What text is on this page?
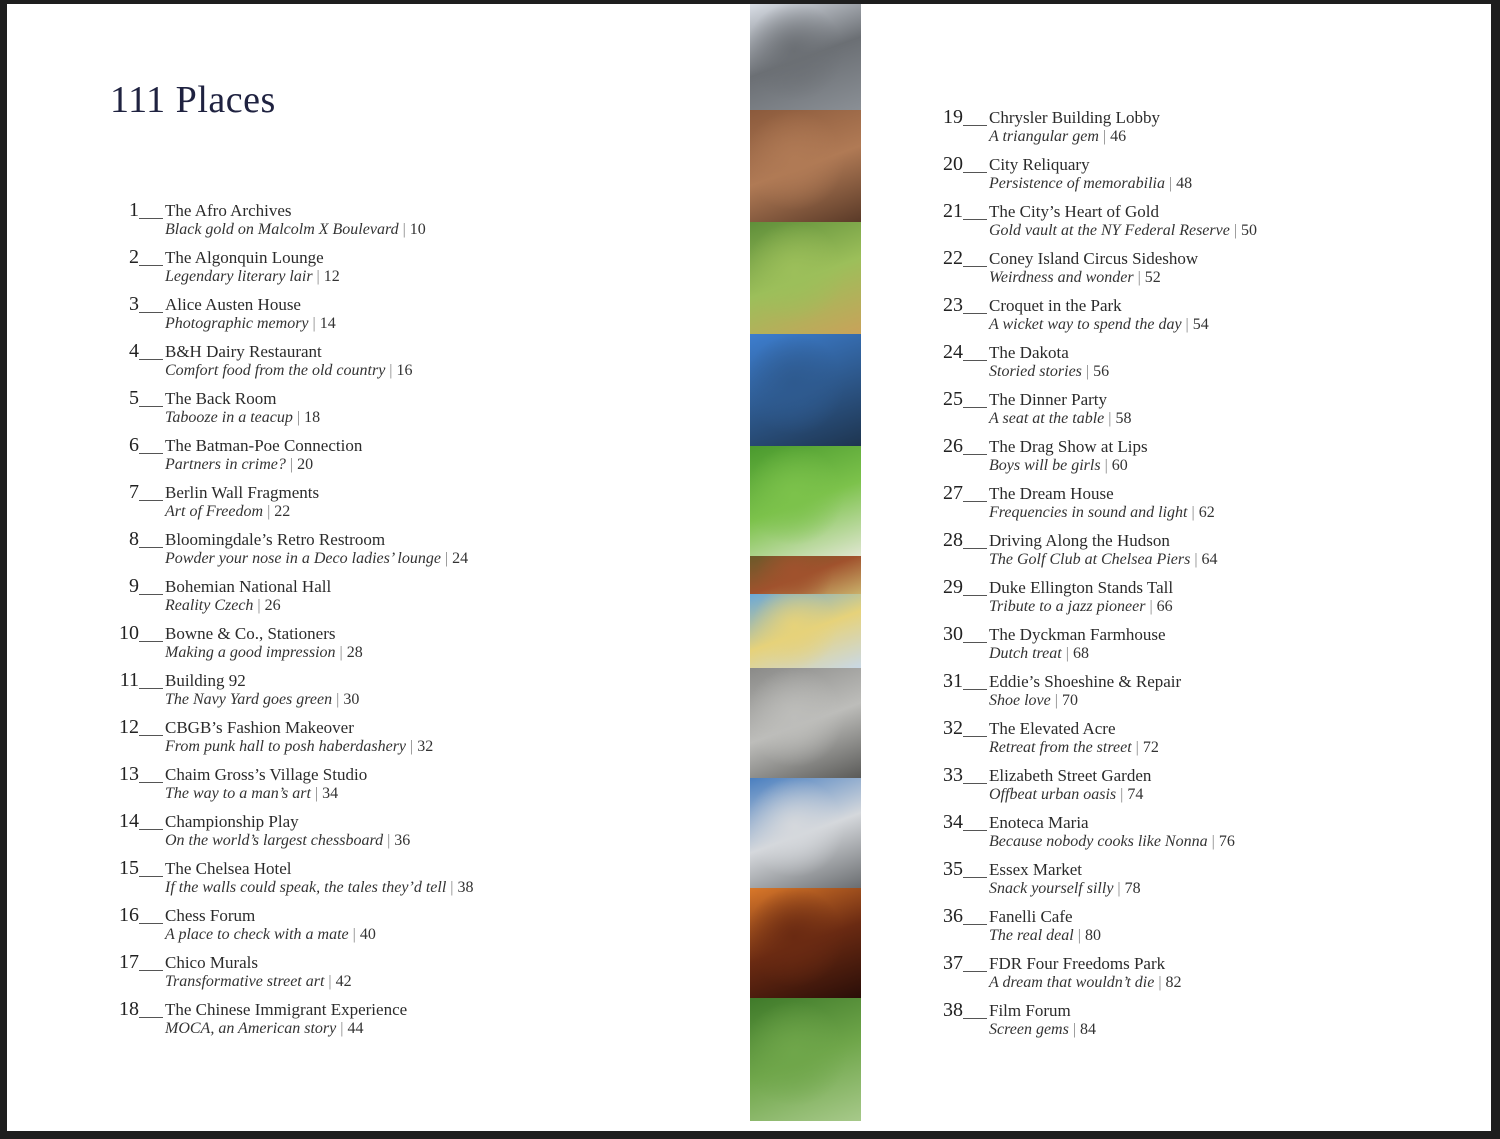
111 Places
1 The Afro Archives
Black gold on Malcolm X Boulevard | 10
2 The Algonquin Lounge
Legendary literary lair | 12
3 Alice Austen House
Photographic memory | 14
4 B&H Dairy Restaurant
Comfort food from the old country | 16
5 The Back Room
Tabooze in a teacup | 18
6 The Batman-Poe Connection
Partners in crime? | 20
7 Berlin Wall Fragments
Art of Freedom | 22
8 Bloomingdale’s Retro Restroom
Powder your nose in a Deco ladies’ lounge | 24
9 Bohemian National Hall
Reality Czech | 26
10 Bowne & Co., Stationers
Making a good impression | 28
11 Building 92
The Navy Yard goes green | 30
12 CBGB’s Fashion Makeover
From punk hall to posh haberdashery | 32
13 Chaim Gross’s Village Studio
The way to a man’s art | 34
14 Championship Play
On the world’s largest chessboard | 36
15 The Chelsea Hotel
If the walls could speak, the tales they’d tell | 38
16 Chess Forum
A place to check with a mate | 40
17 Chico Murals
Transformative street art | 42
18 The Chinese Immigrant Experience
MOCA, an American story | 44
19 Chrysler Building Lobby
A triangular gem | 46
20 City Reliquary
Persistence of memorabilia | 48
21 The City’s Heart of Gold
Gold vault at the NY Federal Reserve | 50
22 Coney Island Circus Sideshow
Weirdness and wonder | 52
23 Croquet in the Park
A wicket way to spend the day | 54
24 The Dakota
Storied stories | 56
25 The Dinner Party
A seat at the table | 58
26 The Drag Show at Lips
Boys will be girls | 60
27 The Dream House
Frequencies in sound and light | 62
28 Driving Along the Hudson
The Golf Club at Chelsea Piers | 64
29 Duke Ellington Stands Tall
Tribute to a jazz pioneer | 66
30 The Dyckman Farmhouse
Dutch treat | 68
31 Eddie’s Shoeshine & Repair
Shoe love | 70
32 The Elevated Acre
Retreat from the street | 72
33 Elizabeth Street Garden
Offbeat urban oasis | 74
34 Enoteca Maria
Because nobody cooks like Nonna | 76
35 Essex Market
Snack yourself silly | 78
36 Fanelli Cafe
The real deal | 80
37 FDR Four Freedoms Park
A dream that wouldn’t die | 82
38 Film Forum
Screen gems | 84
